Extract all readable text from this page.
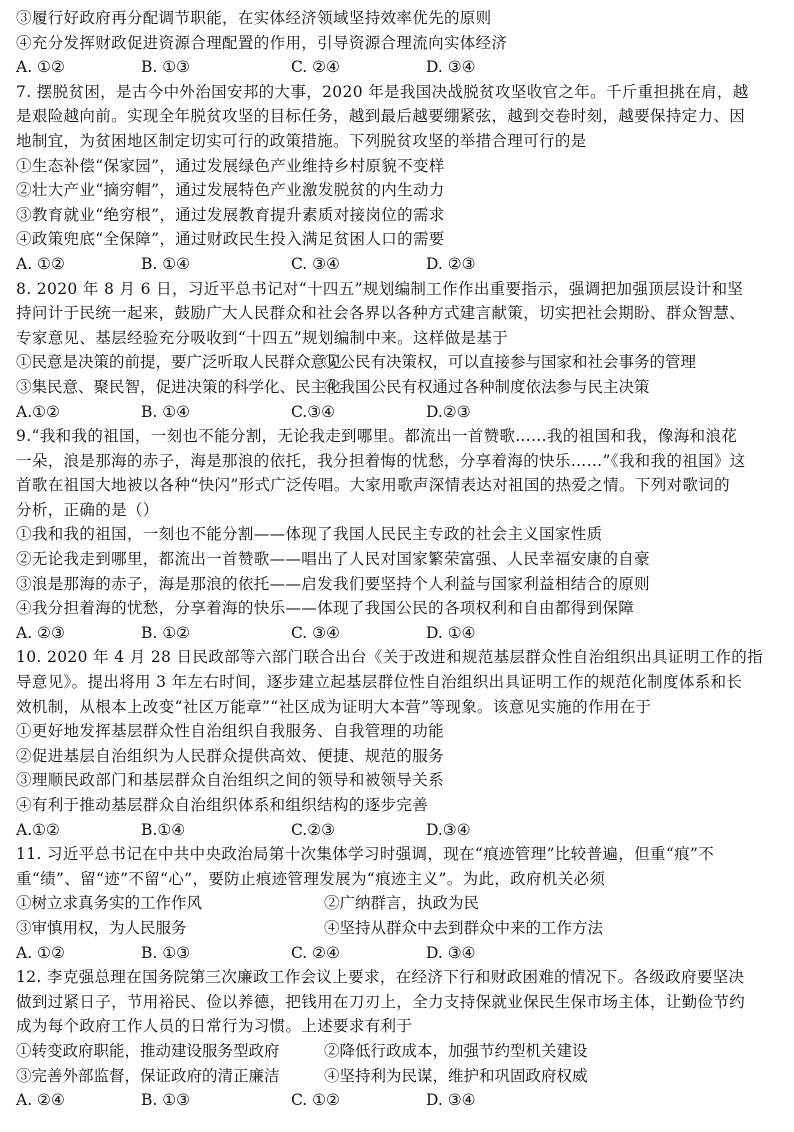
③履行好政府再分配调节职能，在实体经济领域坚持效率优先的原则
④充分发挥财政促进资源合理配置的作用，引导资源合理流向实体经济
A. ①②	B. ①③	C. ②④	D. ③④
7. 摆脱贫困，是古今中外治国安邦的大事，2020 年是我国决战脱贫攻坚收官之年。千斤重担挑在肩，越
是艰险越向前。实现全年脱贫攻坚的目标任务，越到最后越要绷紧弦，越到交卷时刻，越要保持定力、因
地制宜，为贫困地区制定切实可行的政策措施。下列脱贫攻坚的举措合理可行的是
①生态补偿“保家园”，通过发展绿色产业维持乡村原貌不变样
②壮大产业“摘穷帽”，通过发展特色产业激发脱贫的内生动力
③教育就业“绝穷根”，通过发展教育提升素质对接岗位的需求
④政策兜底“全保障”，通过财政民生投入满足贫困人口的需要
A. ①②	B. ①④	C. ③④	D. ②③
8. 2020 年 8 月 6 日，习近平总书记对“十四五”规划编制工作作出重要指示，强调把加强顶层设计和坚
持问计于民统一起来，鼓励广大人民群众和社会各界以各种方式建言献策，切实把社会期盼、群众智慧、
专家意见、基层经验充分吸收到“十四五”规划编制中来。这样做是基于
①民意是决策的前提，要广泛听取人民群众意见
②公民有决策权，可以直接参与国家和社会事务的管理
③集民意、聚民智，促进决策的科学化、民主化
④我国公民有权通过各种制度依法参与民主决策
A.①②	B. ①④	C.③④	D.②③
9.“我和我的祖国，一刻也不能分割，无论我走到哪里。都流出一首赞歌……我的祖国和我，像海和浪花
一朵，浪是那海的赤子，海是那浪的依托，我分担着悔的忧愁，分享着海的快乐……”《我和我的祖国》这
首歌在祖国大地被以各种“快闪”形式广泛传唱。大家用歌声深情表达对祖国的热爱之情。下列对歌词的
分析，正确的是（）
①我和我的祖国，一刻也不能分割——体现了我国人民民主专政的社会主义国家性质
②无论我走到哪里，都流出一首赞歌——唱出了人民对国家繁荣富强、人民幸福安康的自豪
③浪是那海的赤子，海是那浪的依托——启发我们要坚持个人利益与国家利益相结合的原则
④我分担着海的忧愁，分享着海的快乐——体现了我国公民的各项权利和自由都得到保障
A. ②③	B. ①②	C. ③④	D. ①④
10. 2020 年 4 月 28 日民政部等六部门联合出台《关于改进和规范基层群众性自治组织出具证明工作的指
导意见》。提出将用 3 年左右时间，逐步建立起基层群位性自治组织出具证明工作的规范化制度体系和长
效机制，从根本上改变“社区万能章”“社区成为证明大本营”等现象。该意见实施的作用在于
①更好地发挥基层群众性自治组织自我服务、自我管理的功能
②促进基层自治组织为人民群众提供高效、便捷、规范的服务
③理顺民政部门和基层群众自治组织之间的领导和被领导关系
④有利于推动基层群众自治组织体系和组织结构的逐步完善
A.①②	B.①④	C.②③	D.③④
11. 习近平总书记在中共中央政治局第十次集体学习时强调，现在“痕迹管理”比较普遍，但重“痕”不
重“绩”、留“迹”不留“心”，要防止痕迹管理发展为“痕迹主义”。为此，政府机关必须
①树立求真务实的工作作风	②广纳群言，执政为民
③审慎用权，为人民服务	④坚持从群众中去到群众中来的工作方法
A. ①②	B. ①③	C. ②④	D. ③④
12. 李克强总理在国务院第三次廉政工作会议上要求，在经济下行和财政困难的情况下。各级政府要坚决
做到过紧日子，节用裕民、俭以养德，把钱用在刀刃上，全力支持保就业保民生保市场主体，让勤俭节约
成为每个政府工作人员的日常行为习惯。上述要求有利于
①转变政府职能，推动建设服务型政府	②降低行政成本，加强节约型机关建设
③完善外部监督，保证政府的清正廉洁	④坚持利为民谋，维护和巩固政府权威
A. ②④	B. ①③	C. ①②	D. ③④
